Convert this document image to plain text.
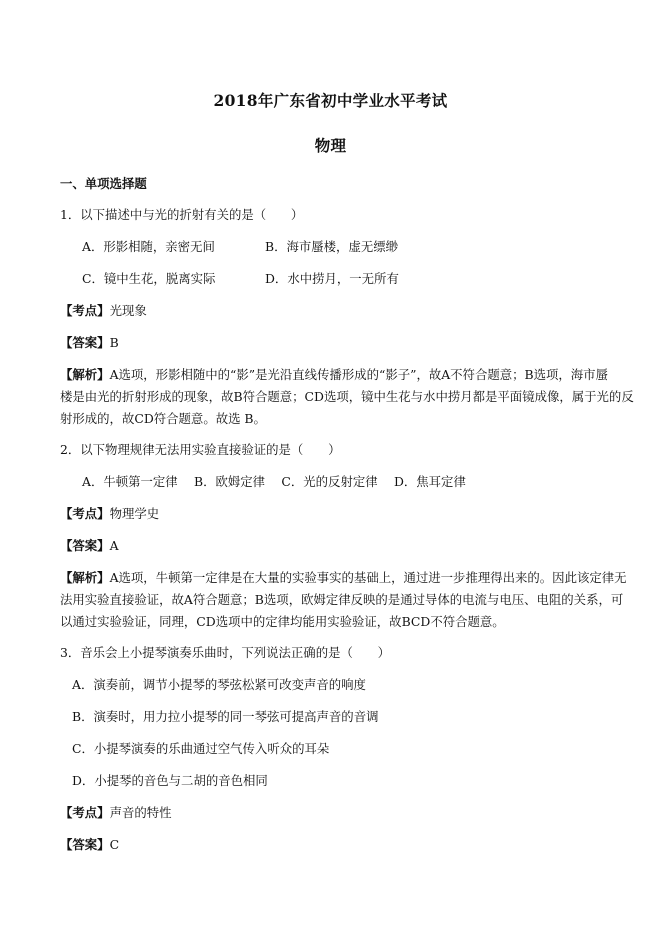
2018年广东省初中学业水平考试
物理
一、单项选择题
1．以下描述中与光的折射有关的是（　　）
A．形影相随，亲密无间	B．海市蜃楼，虚无缥缈
C．镜中生花，脱离实际	D．水中捞月，一无所有
【考点】光现象
【答案】B
【解析】A选项，形影相随中的“影”是光沿直线传播形成的“影子”，故A不符合题意；B选项，海市蜃
楼是由光的折射形成的现象，故B符合题意；CD选项，镜中生花与水中捞月都是平面镜成像，属于光的反
射形成的，故CD符合题意。故选 B。
2．以下物理规律无法用实验直接验证的是（　　）
A．牛顿第一定律　 B．欧姆定律　 C．光的反射定律　 D．焦耳定律
【考点】物理学史
【答案】A
【解析】A选项，牛顿第一定律是在大量的实验事实的基础上，通过进一步推理得出来的。因此该定律无
法用实验直接验证，故A符合题意；B选项，欧姆定律反映的是通过导体的电流与电压、电阻的关系，可
以通过实验验证，同理，CD选项中的定律均能用实验验证，故BCD不符合题意。
3．音乐会上小提琴演奏乐曲时，下列说法正确的是（　　）
A．演奏前，调节小提琴的琴弦松紧可改变声音的响度
B．演奏时，用力拉小提琴的同一琴弦可提高声音的音调
C．小提琴演奏的乐曲通过空气传入听众的耳朵
D．小提琴的音色与二胡的音色相同
【考点】声音的特性
【答案】C
